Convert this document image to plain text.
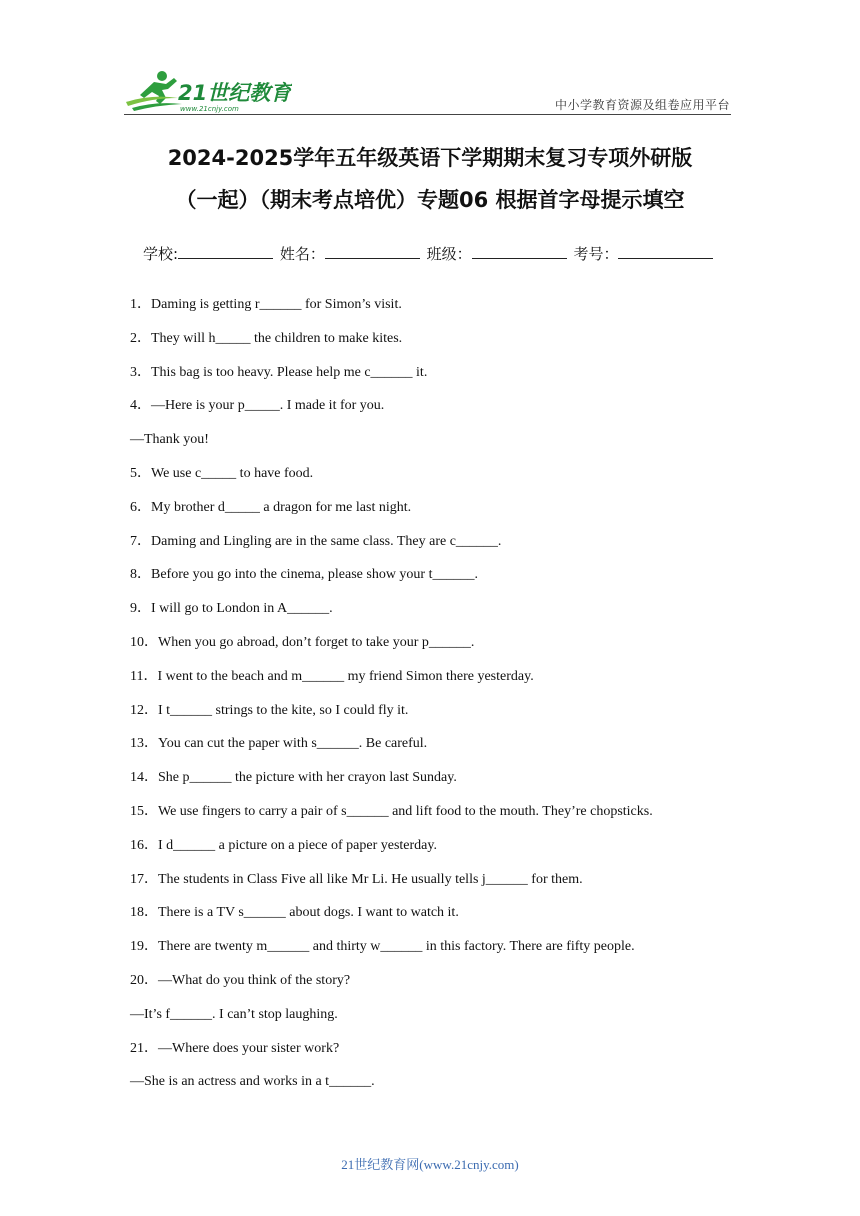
21世纪教育
www.21cnjy.com	中小学教育资源及组卷应用平台
2024-2025学年五年级英语下学期期末复习专项外研版
（一起）（期末考点培优）专题06 根据首字母提示填空
学校:	姓名：	班级：	考号：
1．Daming is getting r______ for Simon’s visit.
2．They will h_____ the children to make kites.
3．This bag is too heavy. Please help me c______ it.
4．—Here is your p_____. I made it for you.
—Thank you!
5．We use c_____ to have food.
6．My brother d_____ a dragon for me last night.
7．Daming and Lingling are in the same class. They are c______.
8．Before you go into the cinema, please show your t______.
9．I will go to London in A______.
10．When you go abroad, don’t forget to take your p______.
11．I went to the beach and m______ my friend Simon there yesterday.
12．I t______ strings to the kite, so I could fly it.
13．You can cut the paper with s______. Be careful.
14．She p______ the picture with her crayon last Sunday.
15．We use fingers to carry a pair of s______ and lift food to the mouth. They’re chopsticks.
16．I d______ a picture on a piece of paper yesterday.
17．The students in Class Five all like Mr Li. He usually tells j______ for them.
18．There is a TV s______ about dogs. I want to watch it.
19．There are twenty m______ and thirty w______ in this factory. There are fifty people.
20．—What do you think of the story?
—It’s f______. I can’t stop laughing.
21．—Where does your sister work?
—She is an actress and works in a t______.
21世纪教育网(www.21cnjy.com)
